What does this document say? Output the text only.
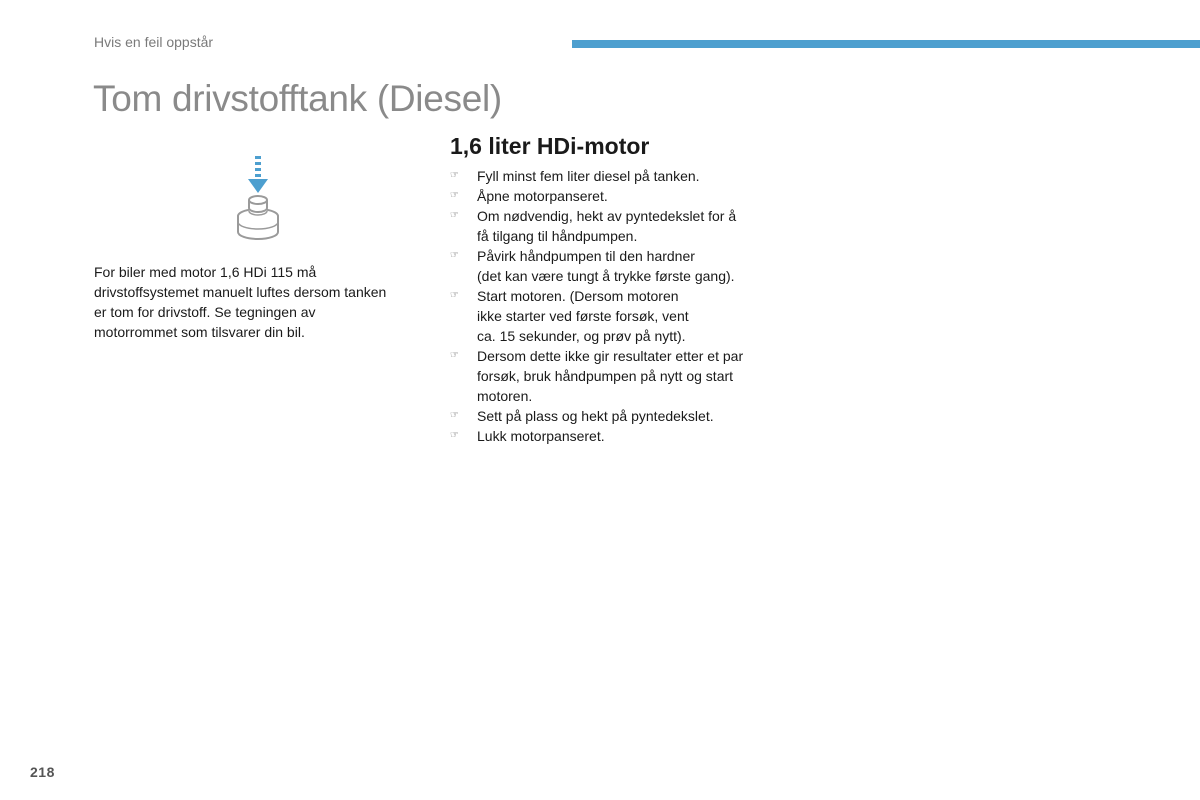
Hvis en feil oppstår
Tom drivstofftank (Diesel)

For biler med motor 1,6 HDi 115 må drivstoffsystemet manuelt luftes dersom tanken er tom for drivstoff. Se tegningen av motorrommet som tilsvarer din bil.

1,6 liter HDi-motor
☞	Fyll minst fem liter diesel på tanken.
☞	Åpne motorpanseret.
☞	Om nødvendig, hekt av pyntedekslet for å
få tilgang til håndpumpen.
☞	Påvirk håndpumpen til den hardner
(det kan være tungt å trykke første gang).
☞	Start motoren. (Dersom motoren
ikke starter ved første forsøk, vent
ca. 15 sekunder, og prøv på nytt).
☞	Dersom dette ikke gir resultater etter et par
forsøk, bruk håndpumpen på nytt og start
motoren.
☞	Sett på plass og hekt på pyntedekslet.
☞	Lukk motorpanseret.
218
